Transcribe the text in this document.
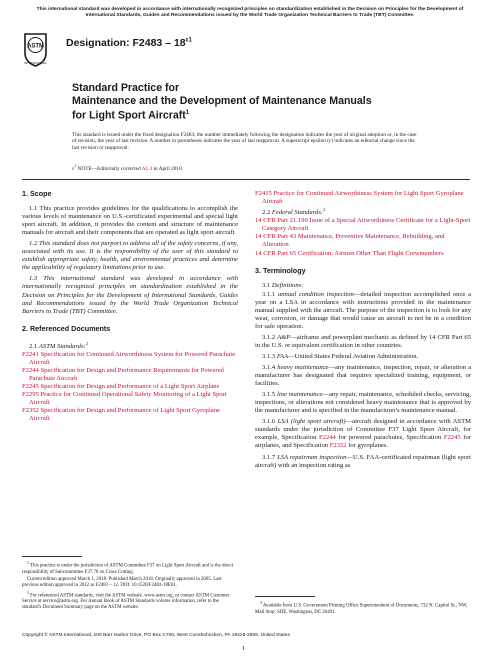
This international standard was developed in accordance with internationally recognized principles on standardization established in the Decision on Principles for the Development of International Standards, Guides and Recommendations issued by the World Trade Organization Technical Barriers to Trade (TBT) Committee.
ASTM
INTERNATIONAL
Designation: $F2483 - 18^{\varepsilon 1}$
Standard Practice for
Maintenance and the Development of Maintenance Manuals
for Light Sport Aircraft$^1$
This standard is issued under the fixed designation F2483; the number immediately following the designation indicates the year of original adoption or, in the case of revision, the year of last revision. A number in parentheses indicates the year of last reapproval. A superscript epsilon (ε) indicates an editorial change since the last revision or reapproval.
$\varepsilon^1$ NOTE—Editorially corrected A1.3 in April 2018.

1. Scope

1.1 This practice provides guidelines for the qualifications to accomplish the various levels of maintenance on U.S.-certificated experimental and special light sport aircraft. In addition, it provides the content and structure of maintenance manuals for aircraft and their components that are operated as light sport aircraft.

1.2 This standard does not purport to address all of the safety concerns, if any, associated with its use. It is the responsibility of the user of this standard to establish appropriate safety, health, and environmental practices and determine the applicability of regulatory limitations prior to use.

1.3 This international standard was developed in accordance with internationally recognized principles on standardization established in the Decision on Principles for the Development of International Standards, Guides and Recommendations issued by the World Trade Organization Technical Barriers to Trade (TBT) Committee.

2. Referenced Documents

2.1 ASTM Standards:$^2$

F2241 Specification for Continued Airworthiness System for Powered Parachute Aircraft

F2244 Specification for Design and Performance Requirements for Powered Parachute Aircraft

F2245 Specification for Design and Performance of a Light Sport Airplane

F2295 Practice for Continued Operational Safety Monitoring of a Light Sport Aircraft

F2352 Specification for Design and Performance of Light Sport Gyroplane Aircraft

$^1$ This practice is under the jurisdiction of ASTM Committee F37 on Light Sport Aircraft and is the direct responsibility of Subcommittee F37.70 on Cross Cutting.

Current edition approved March 1, 2018. Published March 2018. Originally approved in 2005. Last previous edition approved in 2012 as F2483 – 12. DOI: 10.1520/F2483-18E01.

$^2$ For referenced ASTM standards, visit the ASTM website, www.astm.org, or contact ASTM Customer Service at service@astm.org. For Annual Book of ASTM Standards volume information, refer to the standard's Document Summary page on the ASTM website.

F2415 Practice for Continued Airworthiness System for Light Sport Gyroplane Aircraft

2.2 Federal Standards:$^3$

14 CFR Part 21.190 Issue of a Special Airworthiness Certificate for a Light-Sport Category Aircraft

14 CFR Part 43 Maintenance, Preventive Maintenance, Rebuilding, and Alteration

14 CFR Part 65 Certification: Airmen Other Than Flight Crewmembers

3. Terminology

3.1 Definitions:

3.1.1 annual condition inspection—detailed inspection accomplished once a year on a LSA in accordance with instructions provided in the maintenance manual supplied with the aircraft. The purpose of the inspection is to look for any wear, corrosion, or damage that would cause an aircraft to not be in a condition for safe operation.

3.1.2 A&P—airframe and powerplant mechanic as defined by 14 CFR Part 65 in the U.S. or equivalent certification in other countries.

3.1.3 FAA—United States Federal Aviation Administration.

3.1.4 heavy maintenance—any maintenance, inspection, repair, or alteration a manufacturer has designated that requires specialized training, equipment, or facilities.

3.1.5 line maintenance—any repair, maintenance, scheduled checks, servicing, inspections, or alterations not considered heavy maintenance that is approved by the manufacturer and is specified in the manufacturer's maintenance manual.

3.1.6 LSA (light sport aircraft)—aircraft designed in accordance with ASTM standards under the jurisdiction of Committee F37 Light Sport Aircraft, for example, Specification F2244 for powered parachutes, Specification F2245 for airplanes, and Specification F2352 for gyroplanes.

3.1.7 LSA repairman inspection—U.S. FAA-certificated repairman (light sport aircraft) with an inspection rating as

$^3$ Available from U.S. Government Printing Office Superintendent of Documents, 732 N. Capitol St., NW, Mail Stop: SDE, Washington, DC 20401.

Copyright © ASTM International, 100 Barr Harbor Drive, PO Box C700, West Conshohocken, PA 19428-2959. United States
1
